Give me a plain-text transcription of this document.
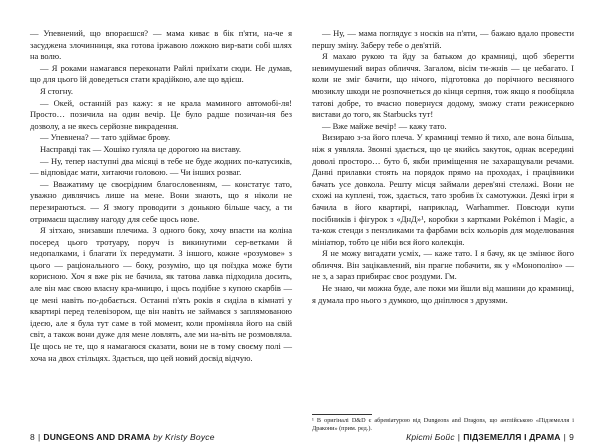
— Упевнений, що впораєшся? — мама киває в бік п'яти, на-че я засуджена злочинниця, яка готова іржавою ложкою вир-вати собі шлях на волю.

— Я роками намагався переконати Райлі приїхати сюди. Не думав, що для цього їй доведеться стати крадійкою, але що вдієш.

Я стогну.

— Окей, останній раз кажу: я не крала маминого автомобі-ля! Просто… позичила на один вечір. Це було радше позичан-ня без дозволу, а не якесь серйозне викрадення.

— Упевнена? — тато здіймає брову.

Насправді так — Хошіко гуляла це дорогою на виставу.

— Ну, тепер наступні два місяці в тебе не буде жодних по-катусиків, — відповідає мати, хитаючи головою. — Чи інших розваг.

— Вважатиму це своєрідним благословенням, — констатує тато, уважно дивлячись лише на мене. Вони знають, що я ніколи не перезираються. — Я змогу проводити з донькою більше часу, а ти отримаєш щасливу нагоду для себе щось нове.

Я зітхаю, знизавши плечима. З одного боку, хочу впасти на коліна посеред цього тротуару, поруч із викинутими сер-ветками й недопалками, і благати їх передумати. З іншого, кожне «розумове» з цього — раціонального — боку, розумію, що ця поїздка може бути корисною. Хоч я вже рік не бачила, як татова лавка підходила досить, але він має свою власну кра-мницю, і щось подібне з купою скарбів — це мені навіть по-добається. Останні п'ять років я сиділа в кімнаті у квартирі перед телевізором, ще він навіть не займався з заплямованою ідеєю, але я була тут саме в той момент, коли проміняла його на свій світ, а також вони дуже для мене ловлять, але ми на-віть не розмовляла. Це щось не те, що я намагаюся сказати, вони не в тому своєму полі — хоча на двох стільцях. Здається, що цей новий досвід відчую.

— Ну, — мама поглядує з носків на п'яти, — бажаю вдало провести першу зміну. Заберу тебе о дев'ятій.

Я махаю рукою та йду за батьком до крамниці, щоб зберегти невимушений вираз обличчя. Загалом, вісім ти-жнів — це небагато. І коли не зміг бачити, що нічого, підготовка до порічного весняного мюзиклу шкоди не розпочнеться до кінця серпня, тож якщо я пообіцяла татові добре, то вчасно повернуся додому, зможу стати режисеркою вистави до того, як Starbucks тут!

— Вже майже вечір! — кажу тато.

Визираю з-за його плеча. У крамниці темно й тихо, але вона більша, ніж я уявляла. Звонні здається, що це якийсь закуток, однак всередині доволі просторо… буто б, якби приміщення не захаращували речами. Данні прилавки стоять на порядок прямо на проходах, і працівники бачать усе довкола. Решту місця займали дерев'яні стелажі. Вони не схожі на куплені, тож, здається, тато зробив їх самотужки. Деякі ігри я бачила в його квартирі, наприклад, Warhammer. Повсюди купи посібників і фігурок з «ДнД»¹, коробки з картками Pokémon і Magic, а та-кож стенди з пензликами та фарбами всіх кольорів для моделювання мініатюр, тобто це ніби вся його колекція.

Я не можу вигадати усміх, — каже тато. І я бачу, як це змінює його обличчя. Він зацікавлений, він прагне побачити, як у «Монополію» — не з, а зараз прибирає своє роздуми. Гм.

Не знаю, чи можна буде, але поки ми йшли від машини до крамниці, я думала про нього з думкою, що дніплюся з друзями.

¹ В оригіналі D&D є абревіатурою від Dungeons and Dragons, що англійською «Підземелля і Дракони» (прим. ред.).

8 | DUNGEONS AND DRAMA by Kristy Boyce	Крісті Бойс | ПІДЗЕМЕЛЛЯ І ДРАМА | 9
